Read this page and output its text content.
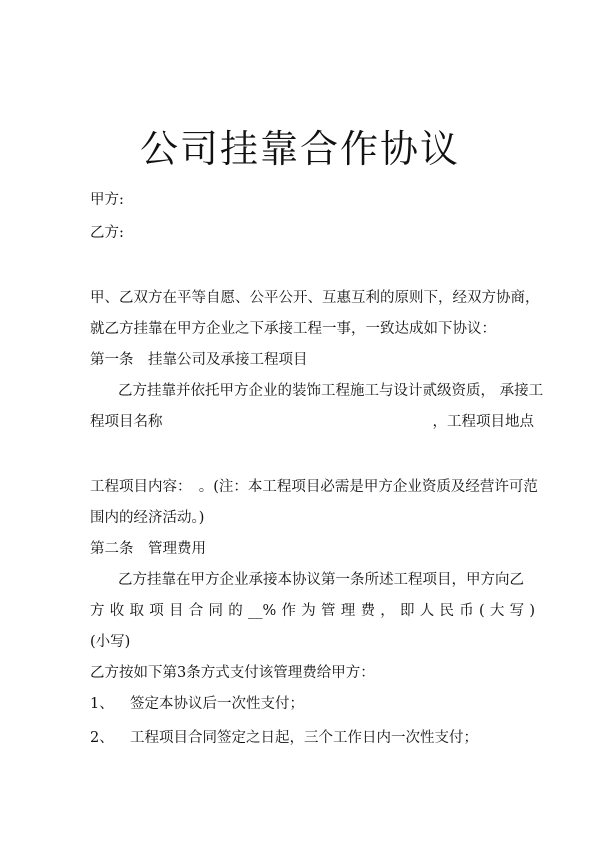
公司挂靠合作协议
甲方:
乙方:
甲、乙双方在平等自愿、公平公开、互惠互利的原则下，经双方协商，
就乙方挂靠在甲方企业之下承接工程一事，一致达成如下协议：
第一条　挂靠公司及承接工程项目
乙方挂靠并依托甲方企业的装饰工程施工与设计贰级资质， 承接工
程项目名称	，工程项目地点
工程项目内容：　。(注：本工程项目必需是甲方企业资质及经营许可范
围内的经济活动。)
第二条　管理费用
乙方挂靠在甲方企业承接本协议第一条所述工程项目，甲方向乙
方收取项目合同的__%作为管理费，即人民币(大写)
(小写)
乙方按如下第3条方式支付该管理费给甲方：
1、 签定本协议后一次性支付；
2、 工程项目合同签定之日起，三个工作日内一次性支付；
